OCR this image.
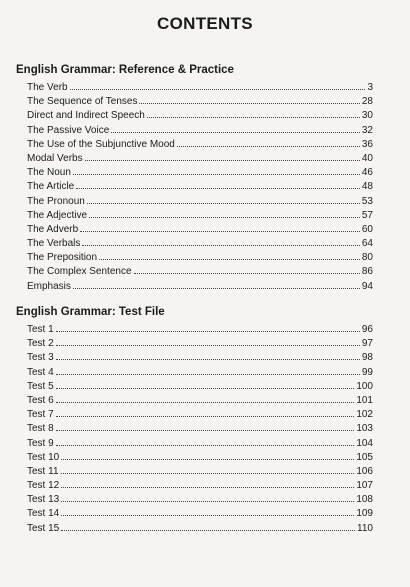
CONTENTS
English Grammar: Reference & Practice
The Verb	3
The Sequence of Tenses	28
Direct and Indirect Speech	30
The Passive Voice	32
The Use of the Subjunctive Mood	36
Modal Verbs	40
The Noun	46
The Article	48
The Pronoun	53
The Adjective	57
The Adverb	60
The Verbals	64
The Preposition	80
The Complex Sentence	86
Emphasis	94
English Grammar: Test File
Test 1	96
Test 2	97
Test 3	98
Test 4	99
Test 5	100
Test 6	101
Test 7	102
Test 8	103
Test 9	104
Test 10	105
Test 11	106
Test 12	107
Test 13	108
Test 14	109
Test 15	110
